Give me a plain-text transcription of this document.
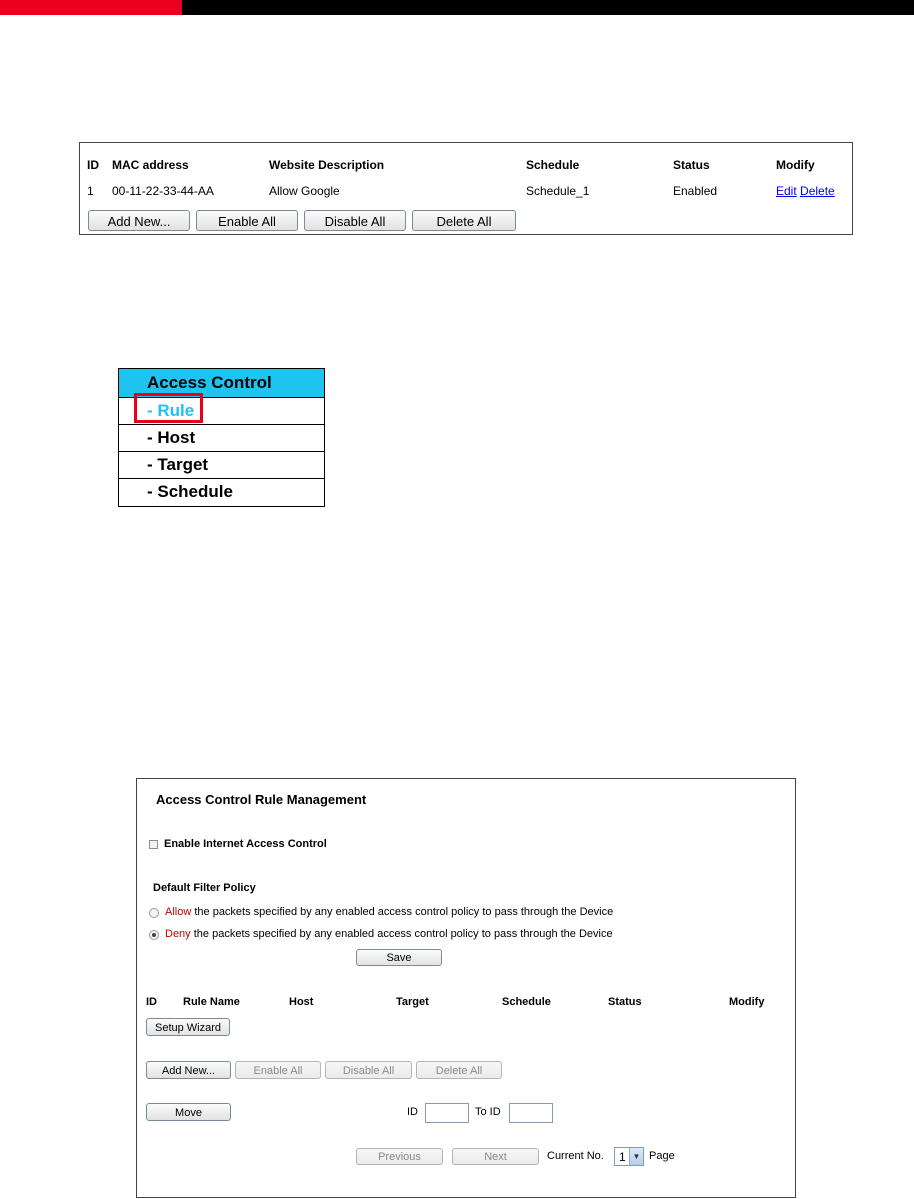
ID MAC address	Website Description	Schedule	Status	Modify
1 00-11-22-33-44-AA	Allow Google	Schedule_1	Enabled	Edit Delete
Add New...	Enable All	Disable All	Delete All
Access Control
- Rule
- Host
- Target
- Schedule
Access Control Rule Management
Enable Internet Access Control
Default Filter Policy
Allow the packets specified by any enabled access control policy to pass through the Device
Deny the packets specified by any enabled access control policy to pass through the Device
Save
ID Rule Name	Host	Target	Schedule	Status	Modify
Setup Wizard
Add New...	Enable All	Disable All	Delete All
Move	ID	To ID
Previous	Next	Current No. 1 ▼ Page
